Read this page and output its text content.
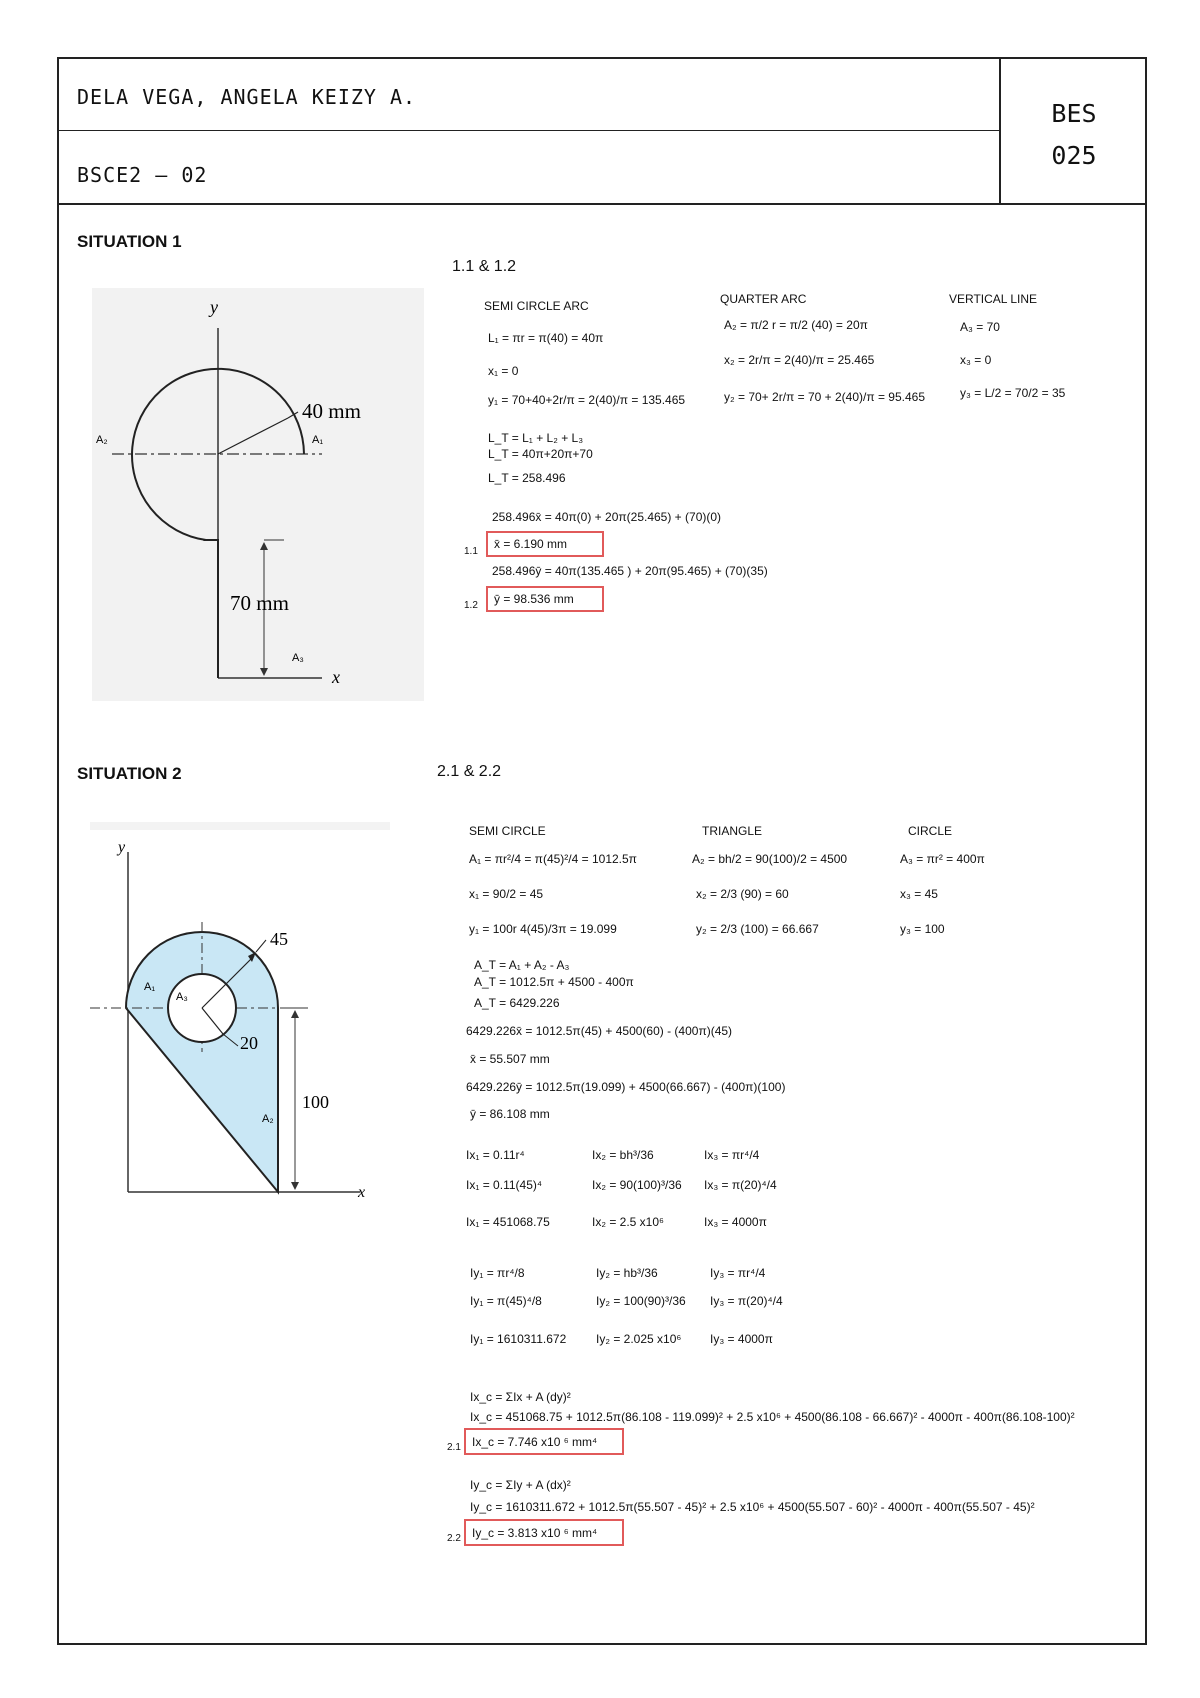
DELA VEGA, ANGELA KEIZY A.
BSCE2 – 02
BES
025
SITUATION 1
1.1 & 1.2
y
x
40 mm
70 mm
A₁
A₂
A₃
SEMI CIRCLE ARC
L₁ = πr = π(40) = 40π
x₁ = 0
y₁ = 70+40+2r/π = 2(40)/π = 135.465
L_T = L₁ + L₂ + L₃
L_T = 40π+20π+70
L_T = 258.496
QUARTER ARC
A₂ = π/2 r = π/2 (40) = 20π
x₂ = 2r/π = 2(40)/π = 25.465
y₂ = 70+ 2r/π = 70 + 2(40)/π = 95.465
VERTICAL LINE
A₃ = 70
x₃ = 0
y₃ = L/2 = 70/2 = 35
258.496x̄ = 40π(0) + 20π(25.465) + (70)(0)
1.1
x̄ = 6.190 mm
258.496ȳ = 40π(135.465 ) + 20π(95.465) + (70)(35)
1.2 ȳ = 98.536 mm
SITUATION 2	2.1 & 2.2
y
x
45
20
100
A₁
A₃
A₂
SEMI CIRCLE
A₁ = πr²/4 = π(45)²/4 = 1012.5π
x₁ = 90/2 = 45
y₁ = 100r 4(45)/3π = 19.099
TRIANGLE
A₂ = bh/2 = 90(100)/2 = 4500
x₂ = 2/3 (90) = 60
y₂ = 2/3 (100) = 66.667
CIRCLE
A₃ = πr² = 400π
x₃ = 45
y₃ = 100
A_T = A₁ + A₂ - A₃
A_T = 1012.5π + 4500 - 400π
A_T = 6429.226
6429.226x̄ = 1012.5π(45) + 4500(60) - (400π)(45)
x̄ = 55.507 mm
6429.226ȳ = 1012.5π(19.099) + 4500(66.667) - (400π)(100)
ȳ = 86.108 mm
Ix₁ = 0.11r⁴
Ix₁ = 0.11(45)⁴
Ix₁ = 451068.75
Ix₂ = bh³/36
Ix₂ = 90(100)³/36
Ix₂ = 2.5 x10⁶
Ix₃ = πr⁴/4
Ix₃ = π(20)⁴/4
Ix₃ = 4000π
Iy₁ = πr⁴/8
Iy₁ = π(45)⁴/8
Iy₁ = 1610311.672
Iy₂ = hb³/36
Iy₂ = 100(90)³/36
Iy₂ = 2.025 x10⁶
Iy₃ = πr⁴/4
Iy₃ = π(20)⁴/4
Iy₃ = 4000π
Ix_c = ΣIx + A (dy)²
Ix_c = 451068.75 + 1012.5π(86.108 - 119.099)² + 2.5 x10⁶ + 4500(86.108 - 66.667)² - 4000π - 400π(86.108-100)²
2.1 Ix_c = 7.746 x10 ⁶ mm⁴
Iy_c = ΣIy + A (dx)²
Iy_c = 1610311.672 + 1012.5π(55.507 - 45)² + 2.5 x10⁶ + 4500(55.507 - 60)² - 4000π - 400π(55.507 - 45)²
2.2 Iy_c = 3.813 x10 ⁶ mm⁴
